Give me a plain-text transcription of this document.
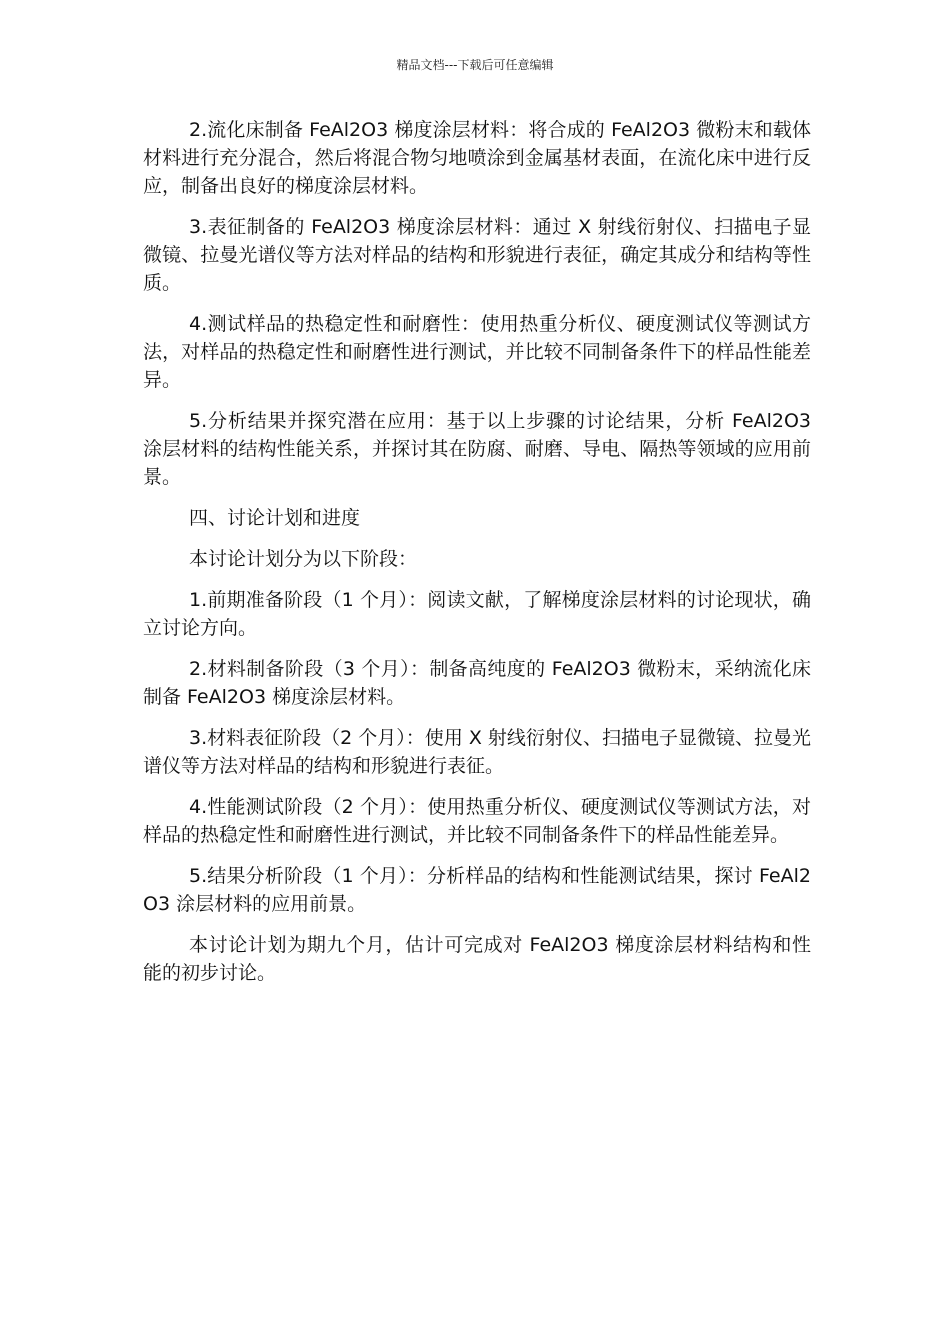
精品文档---下载后可任意编辑

2.流化床制备 FeAl2O3 梯度涂层材料：将合成的 FeAl2O3 微粉末和载体材料进行充分混合，然后将混合物匀地喷涂到金属基材表面，在流化床中进行反应，制备出良好的梯度涂层材料。

3.表征制备的 FeAl2O3 梯度涂层材料：通过 X 射线衍射仪、扫描电子显微镜、拉曼光谱仪等方法对样品的结构和形貌进行表征，确定其成分和结构等性质。

4.测试样品的热稳定性和耐磨性：使用热重分析仪、硬度测试仪等测试方法，对样品的热稳定性和耐磨性进行测试，并比较不同制备条件下的样品性能差异。

5.分析结果并探究潜在应用：基于以上步骤的讨论结果，分析 FeAl2O3 涂层材料的结构性能关系，并探讨其在防腐、耐磨、导电、隔热等领域的应用前景。

四、讨论计划和进度

本讨论计划分为以下阶段：

1.前期准备阶段（1 个月）：阅读文献，了解梯度涂层材料的讨论现状，确立讨论方向。

2.材料制备阶段（3 个月）：制备高纯度的 FeAl2O3 微粉末，采纳流化床制备 FeAl2O3 梯度涂层材料。

3.材料表征阶段（2 个月）：使用 X 射线衍射仪、扫描电子显微镜、拉曼光谱仪等方法对样品的结构和形貌进行表征。

4.性能测试阶段（2 个月）：使用热重分析仪、硬度测试仪等测试方法，对样品的热稳定性和耐磨性进行测试，并比较不同制备条件下的样品性能差异。

5.结果分析阶段（1 个月）：分析样品的结构和性能测试结果，探讨 FeAl2O3 涂层材料的应用前景。

本讨论计划为期九个月，估计可完成对 FeAl2O3 梯度涂层材料结构和性能的初步讨论。
